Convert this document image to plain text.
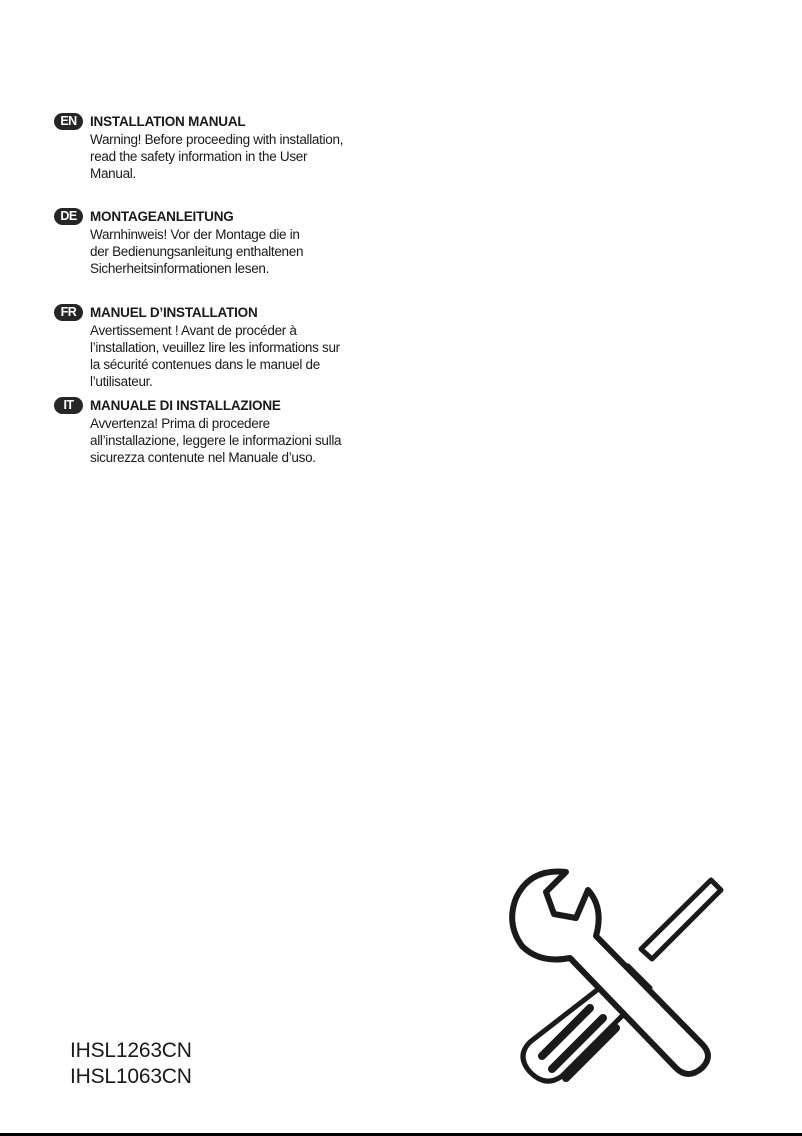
EN INSTALLATION MANUAL
Warning! Before proceeding with installation,
read the safety information in the User
Manual.
DE MONTAGEANLEITUNG
Warnhinweis! Vor der Montage die in
der Bedienungsanleitung enthaltenen
Sicherheitsinformationen lesen.
FR	MANUEL D’INSTALLATION
Avertissement ! Avant de procéder à
l’installation, veuillez lire les informations sur
la sécurité contenues dans le manuel de
l’utilisateur.
IT	MANUALE DI INSTALLAZIONE
Avvertenza! Prima di procedere
all’installazione, leggere le informazioni sulla
sicurezza contenute nel Manuale d’uso.
IHSL1263CN
IHSL1063CN
